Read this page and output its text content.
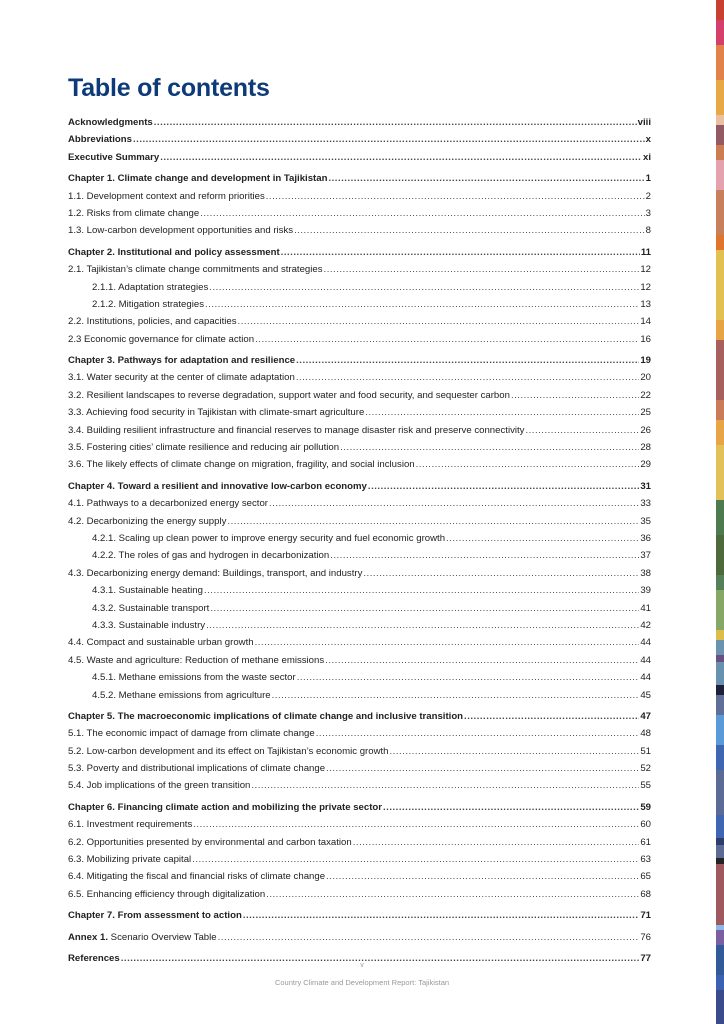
Table of contents
Acknowledgments .....	viii
Abbreviations .....	x
Executive Summary .....	xi
Chapter 1. Climate change and development in Tajikistan .....	1
1.1. Development context and reform priorities .....	2
1.2. Risks from climate change .....	3
1.3. Low-carbon development opportunities and risks .....	8
Chapter 2. Institutional and policy assessment .....	11
2.1. Tajikistan’s climate change commitments and strategies .....	12
2.1.1. Adaptation strategies .....	12
2.1.2. Mitigation strategies .....	13
2.2. Institutions, policies, and capacities .....	14
2.3 Economic governance for climate action .....	16
Chapter 3. Pathways for adaptation and resilience .....	19
3.1. Water security at the center of climate adaptation .....	20
3.2. Resilient landscapes to reverse degradation, support water and food security, and sequester carbon .....	22
3.3. Achieving food security in Tajikistan with climate-smart agriculture .....	25
3.4. Building resilient infrastructure and financial reserves to manage disaster risk and preserve connectivity .....	26
3.5. Fostering cities’ climate resilience and reducing air pollution .....	28
3.6. The likely effects of climate change on migration, fragility, and social inclusion .....	29
Chapter 4. Toward a resilient and innovative low-carbon economy .....	31
4.1. Pathways to a decarbonized energy sector .....	33
4.2. Decarbonizing the energy supply .....	35
4.2.1. Scaling up clean power to improve energy security and fuel economic growth .....	36
4.2.2. The roles of gas and hydrogen in decarbonization .....	37
4.3. Decarbonizing energy demand: Buildings, transport, and industry .....	38
4.3.1. Sustainable heating .....	39
4.3.2. Sustainable transport .....	41
4.3.3. Sustainable industry .....	42
4.4. Compact and sustainable urban growth .....	44
4.5. Waste and agriculture: Reduction of methane emissions .....	44
4.5.1. Methane emissions from the waste sector .....	44
4.5.2. Methane emissions from agriculture .....	45
Chapter 5. The macroeconomic implications of climate change and inclusive transition .....	47
5.1. The economic impact of damage from climate change .....	48
5.2. Low-carbon development and its effect on Tajikistan’s economic growth .....	51
5.3. Poverty and distributional implications of climate change .....	52
5.4. Job implications of the green transition .....	55
Chapter 6. Financing climate action and mobilizing the private sector .....	59
6.1. Investment requirements .....	60
6.2. Opportunities presented by environmental and carbon taxation .....	61
6.3. Mobilizing private capital .....	63
6.4. Mitigating the fiscal and financial risks of climate change .....	65
6.5. Enhancing efficiency through digitalization .....	68
Chapter 7. From assessment to action .....	71
Annex 1. Scenario Overview Table .....	76
References .....	77
v
Country Climate and Development Report: Tajikistan
